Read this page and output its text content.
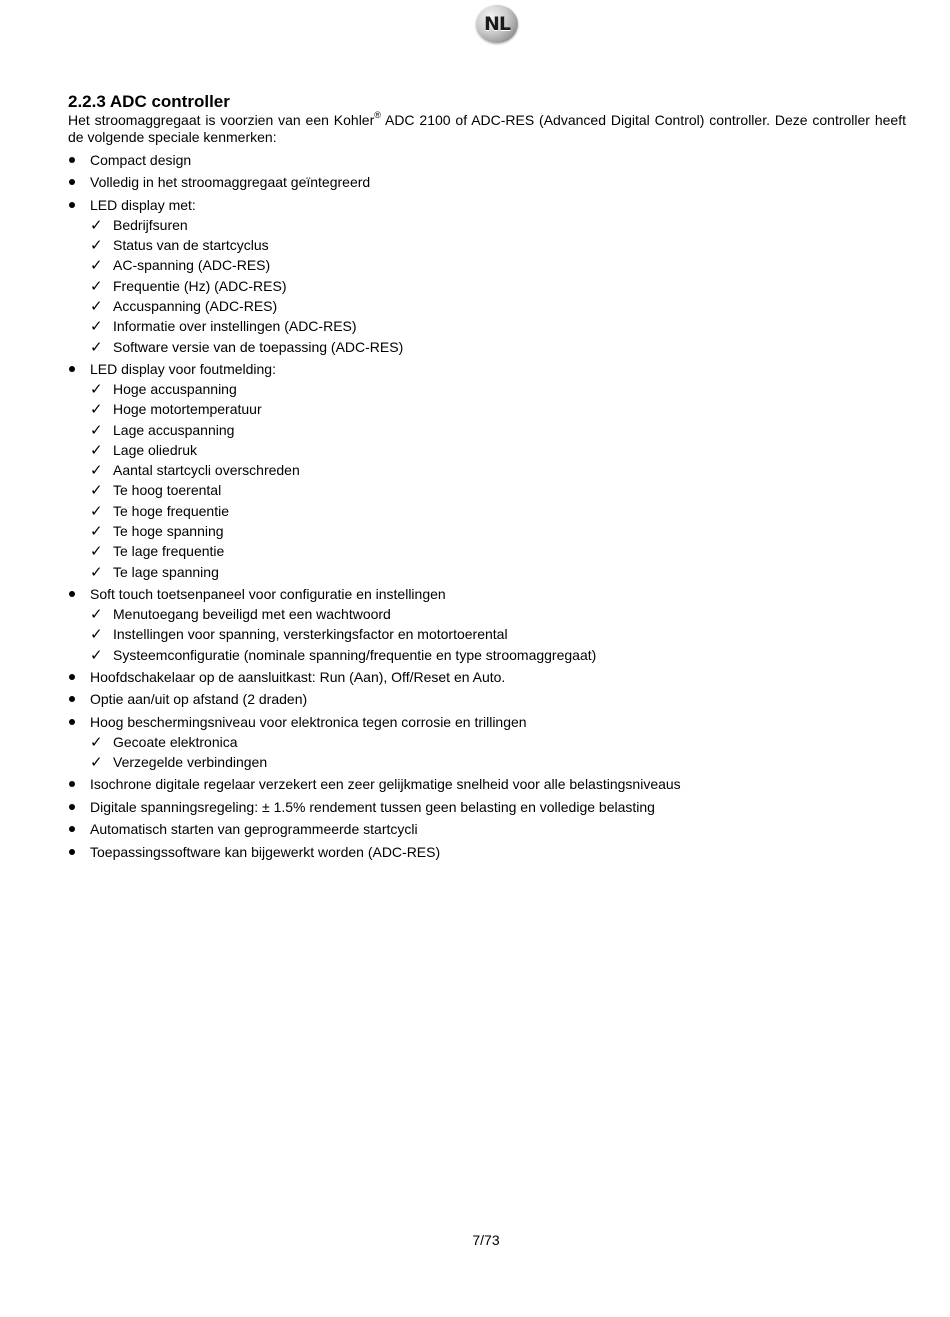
NL
2.2.3 ADC controller

Het stroomaggregaat is voorzien van een Kohler® ADC 2100 of ADC-RES (Advanced Digital Control) controller. Deze controller heeft de volgende speciale kenmerken:

Compact design
Volledig in het stroomaggregaat geïntegreerd
LED display met:
✓ Bedrijfsuren
✓ Status van de startcyclus
✓ AC-spanning (ADC-RES)
✓ Frequentie (Hz) (ADC-RES)
✓ Accuspanning (ADC-RES)
✓ Informatie over instellingen (ADC-RES)
✓ Software versie van de toepassing (ADC-RES)
LED display voor foutmelding:
✓ Hoge accuspanning
✓ Hoge motortemperatuur
✓ Lage accuspanning
✓ Lage oliedruk
✓ Aantal startcycli overschreden
✓ Te hoog toerental
✓ Te hoge frequentie
✓ Te hoge spanning
✓ Te lage frequentie
✓ Te lage spanning
Soft touch toetsenpaneel voor configuratie en instellingen
✓ Menutoegang beveiligd met een wachtwoord
✓ Instellingen voor spanning, versterkingsfactor en motortoerental
✓ Systeemconfiguratie (nominale spanning/frequentie en type stroomaggregaat)
Hoofdschakelaar op de aansluitkast: Run (Aan), Off/Reset en Auto.
Optie aan/uit op afstand (2 draden)
Hoog beschermingsniveau voor elektronica tegen corrosie en trillingen
✓ Gecoate elektronica
✓ Verzegelde verbindingen
Isochrone digitale regelaar verzekert een zeer gelijkmatige snelheid voor alle belastingsniveaus
Digitale spanningsregeling: ± 1.5% rendement tussen geen belasting en volledige belasting
Automatisch starten van geprogrammeerde startcycli
Toepassingssoftware kan bijgewerkt worden (ADC-RES)
7/73
